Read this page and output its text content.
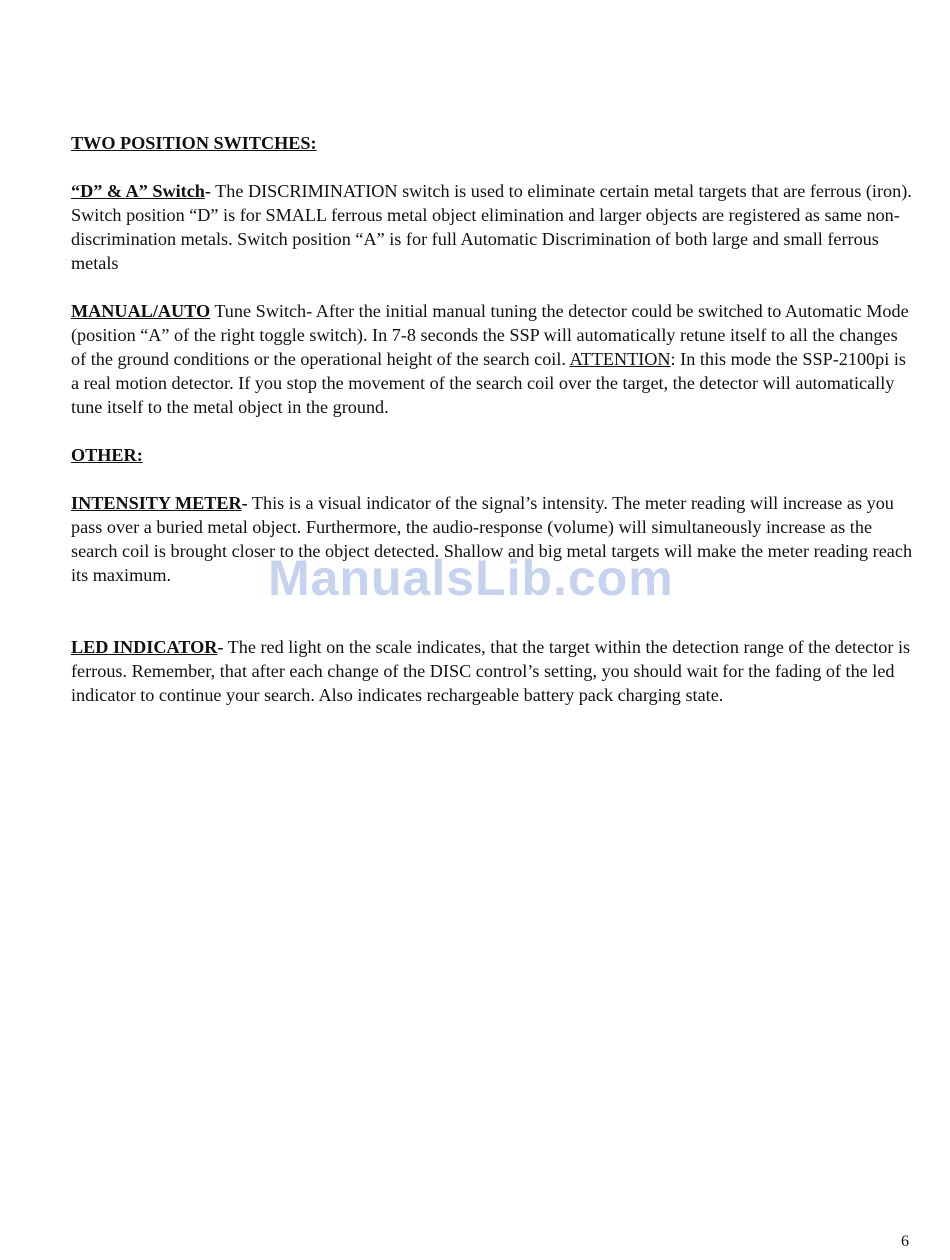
TWO POSITION SWITCHES:

“D” & A” Switch- The DISCRIMINATION switch is used to eliminate certain metal targets that are ferrous (iron). Switch position “D” is for SMALL ferrous metal object elimination and larger objects are registered as same non-discrimination metals. Switch position “A” is for full Automatic Discrimination of both large and small ferrous metals

MANUAL/AUTO Tune Switch- After the initial manual tuning the detector could be switched to Automatic Mode (position “A” of the right toggle switch). In 7-8 seconds the SSP will automatically retune itself to all the changes of the ground conditions or the operational height of the search coil. ATTENTION: In this mode the SSP-2100pi is a real motion detector. If you stop the movement of the search coil over the target, the detector will automatically tune itself to the metal object in the ground.

OTHER:

INTENSITY METER- This is a visual indicator of the signal’s intensity. The meter reading will increase as you pass over a buried metal object. Furthermore, the audio-response (volume) will simultaneously increase as the search coil is brought closer to the object detected. Shallow and big metal targets will make the meter reading reach its maximum.

LED INDICATOR- The red light on the scale indicates, that the target within the detection range of the detector is ferrous. Remember, that after each change of the DISC control’s setting, you should wait for the fading of the led indicator to continue your search. Also indicates rechargeable battery pack charging state.

ManualsLib.com
6
